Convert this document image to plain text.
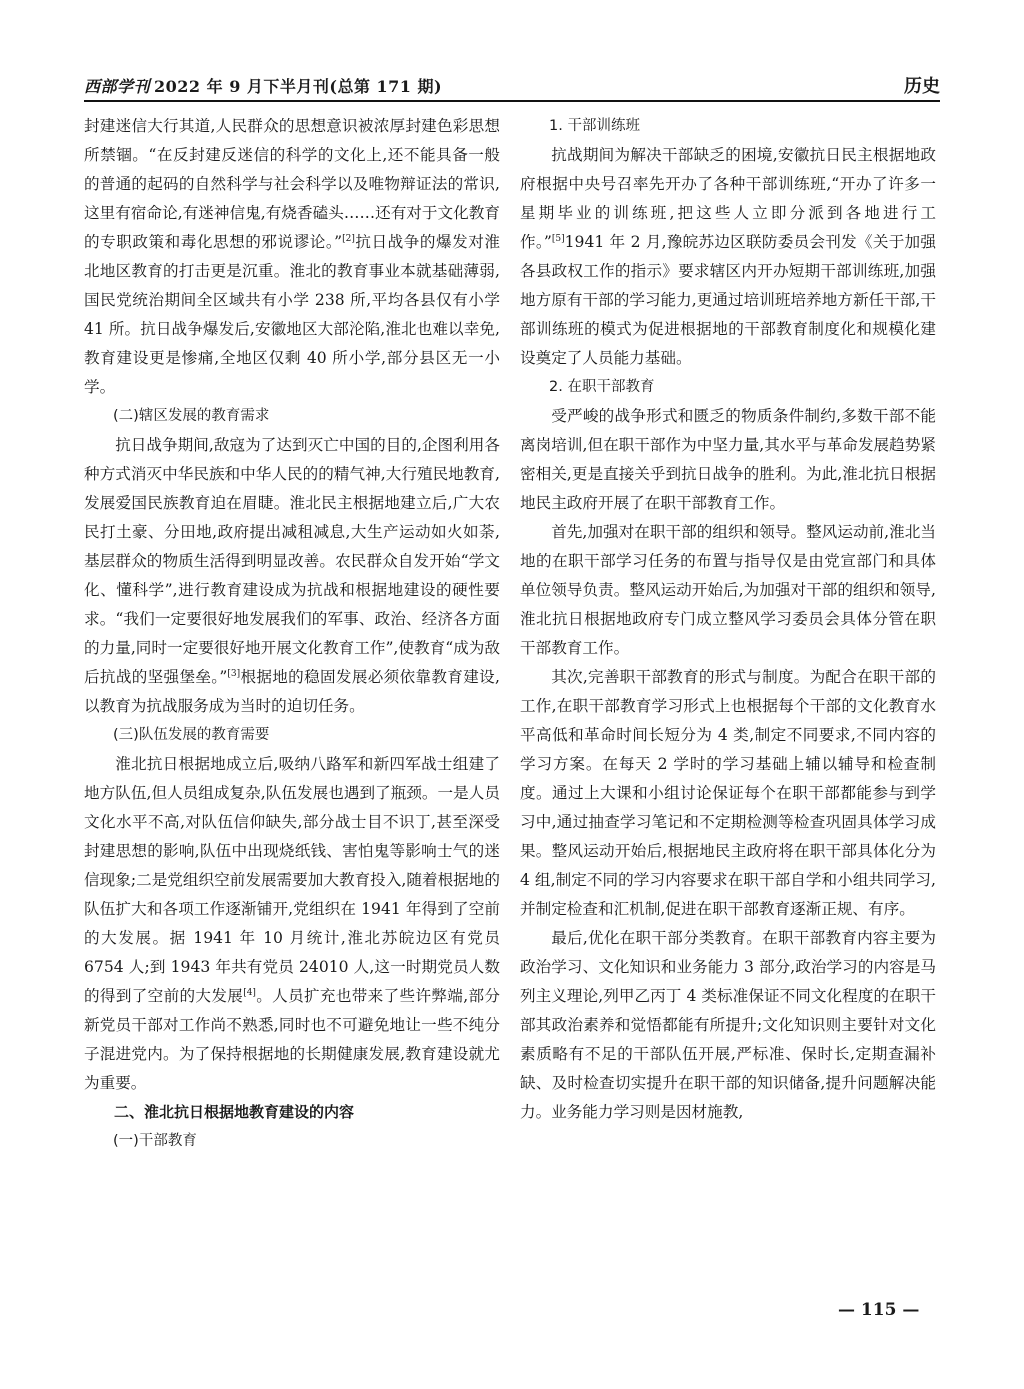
西部学刊 2022 年 9 月下半月刊(总第 171 期)	历史

封建迷信大行其道,人民群众的思想意识被浓厚封建色彩思想所禁锢。“在反封建反迷信的科学的文化上,还不能具备一般的普通的起码的自然科学与社会科学以及唯物辩证法的常识,这里有宿命论,有迷神信鬼,有烧香磕头……还有对于文化教育的专职政策和毒化思想的邪说谬论。”[2]抗日战争的爆发对淮北地区教育的打击更是沉重。淮北的教育事业本就基础薄弱,国民党统治期间全区域共有小学 238 所,平均各县仅有小学 41 所。抗日战争爆发后,安徽地区大部沦陷,淮北也难以幸免,教育建设更是惨痛,全地区仅剩 40 所小学,部分县区无一小学。

(二)辖区发展的教育需求

抗日战争期间,敌寇为了达到灭亡中国的目的,企图利用各种方式消灭中华民族和中华人民的的精气神,大行殖民地教育,发展爱国民族教育迫在眉睫。淮北民主根据地建立后,广大农民打土豪、分田地,政府提出减租减息,大生产运动如火如荼,基层群众的物质生活得到明显改善。农民群众自发开始“学文化、懂科学”,进行教育建设成为抗战和根据地建设的硬性要求。“我们一定要很好地发展我们的军事、政治、经济各方面的力量,同时一定要很好地开展文化教育工作”,使教育“成为敌后抗战的坚强堡垒。”[3]根据地的稳固发展必须依靠教育建设,以教育为抗战服务成为当时的迫切任务。

(三)队伍发展的教育需要

淮北抗日根据地成立后,吸纳八路军和新四军战士组建了地方队伍,但人员组成复杂,队伍发展也遇到了瓶颈。一是人员文化水平不高,对队伍信仰缺失,部分战士目不识丁,甚至深受封建思想的影响,队伍中出现烧纸钱、害怕鬼等影响士气的迷信现象;二是党组织空前发展需要加大教育投入,随着根据地的队伍扩大和各项工作逐渐铺开,党组织在 1941 年得到了空前的大发展。据 1941 年 10 月统计,淮北苏皖边区有党员 6754 人;到 1943 年共有党员 24010 人,这一时期党员人数的得到了空前的大发展[4]。人员扩充也带来了些许弊端,部分新党员干部对工作尚不熟悉,同时也不可避免地让一些不纯分子混进党内。为了保持根据地的长期健康发展,教育建设就尤为重要。

二、淮北抗日根据地教育建设的内容
(一)干部教育
1. 干部训练班

抗战期间为解决干部缺乏的困境,安徽抗日民主根据地政府根据中央号召率先开办了各种干部训练班,“开办了许多一星期毕业的训练班,把这些人立即分派到各地进行工作。”[5]1941 年 2 月,豫皖苏边区联防委员会刊发《关于加强各县政权工作的指示》要求辖区内开办短期干部训练班,加强地方原有干部的学习能力,更通过培训班培养地方新任干部,干部训练班的模式为促进根据地的干部教育制度化和规模化建设奠定了人员能力基础。

2. 在职干部教育

受严峻的战争形式和匮乏的物质条件制约,多数干部不能离岗培训,但在职干部作为中坚力量,其水平与革命发展趋势紧密相关,更是直接关乎到抗日战争的胜利。为此,淮北抗日根据地民主政府开展了在职干部教育工作。

首先,加强对在职干部的组织和领导。整风运动前,淮北当地的在职干部学习任务的布置与指导仅是由党宣部门和具体单位领导负责。整风运动开始后,为加强对干部的组织和领导,淮北抗日根据地政府专门成立整风学习委员会具体分管在职干部教育工作。

其次,完善职干部教育的形式与制度。为配合在职干部的工作,在职干部教育学习形式上也根据每个干部的文化教育水平高低和革命时间长短分为 4 类,制定不同要求,不同内容的学习方案。在每天 2 学时的学习基础上辅以辅导和检查制度。通过上大课和小组讨论保证每个在职干部都能参与到学习中,通过抽查学习笔记和不定期检测等检查巩固具体学习成果。整风运动开始后,根据地民主政府将在职干部具体化分为 4 组,制定不同的学习内容要求在职干部自学和小组共同学习,并制定检查和汇机制,促进在职干部教育逐渐正规、有序。

最后,优化在职干部分类教育。在职干部教育内容主要为政治学习、文化知识和业务能力 3 部分,政治学习的内容是马列主义理论,列甲乙丙丁 4 类标准保证不同文化程度的在职干部其政治素养和觉悟都能有所提升;文化知识则主要针对文化素质略有不足的干部队伍开展,严标准、保时长,定期查漏补缺、及时检查切实提升在职干部的知识储备,提升问题解决能力。业务能力学习则是因材施教,

— 115 —
